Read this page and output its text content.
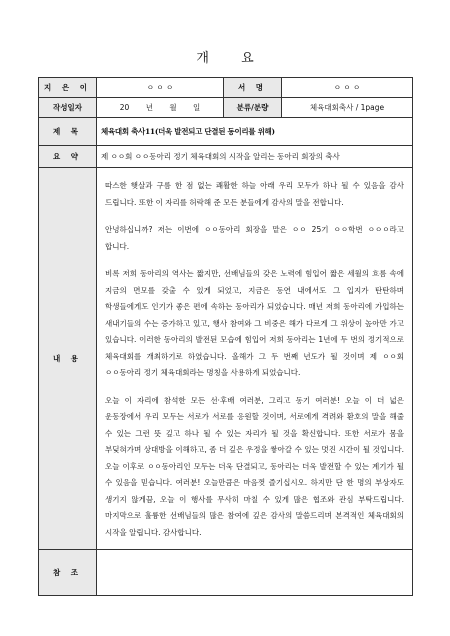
개 요
지 은 이	ㅇ ㅇ ㅇ	서 명	ㅇ ㅇ ㅇ
작성일자	20 년 월 일	분류/분량	체육대회축사 / 1page
제 목	체육대회 축사11(더욱 발전되고 단결된 동이리를 위해)		
요 약	제 ㅇㅇ회 ㅇㅇ동아리 정기 체육대회의 시작을 알리는 동아리 회장의 축사		
내 용	따스한 햇살과 구름 한 점 없는 쾌활한 하늘 아래 우리 모두가 하나 될 수 있음을 감사 드립니다. 또한 이 자리를 허락해 준 모든 분들에게 감사의 말을 전합니다.

안녕하십니까? 저는 이번에 ㅇㅇ동아리 회장을 맡은 ㅇㅇ 25기 ㅇㅇ학번 ㅇㅇㅇ라고 합니다.

비록 저희 동아리의 역사는 짧지만, 선배님들의 갖은 노력에 힘입어 짧은 세월의 흐름 속에 지금의 면모를 갖출 수 있게 되었고, 지금은 동연 내에서도 그 입지가 탄탄하며 학생들에게도 인기가 좋은 편에 속하는 동아리가 되었습니다. 매년 저희 동아리에 가입하는 새내기들의 수는 증가하고 있고, 행사 참여와 그 비중은 해가 다르게 그 위상이 높아만 가고 있습니다. 이러한 동아리의 발전된 모습에 힘입어 저희 동아리는 1년에 두 번의 정기적으로 체육대회를 개최하기로 하였습니다. 올해가 그 두 번째 년도가 될 것이며 제 ㅇㅇ회 ㅇㅇ동아리 정기 체육대회라는 명칭을 사용하게 되었습니다.

오늘 이 자리에 참석한 모든 선·후배 여러분, 그리고 동기 여러분! 오늘 이 더 넓은 운동장에서 우리 모두는 서로가 서로를 응원할 것이며, 서로에게 격려와 환호의 말을 해줄 수 있는 그런 뜻 깊고 하나 될 수 있는 자리가 될 것을 확신합니다. 또한 서로가 몸을 부딪혀가며 상대방을 이해하고, 좀 더 깊은 우정을 쌓아갈 수 있는 멋진 시간이 될 것입니다. 오늘 이후로 ㅇㅇ동아리인 모두는 더욱 단결되고, 동아리는 더욱 발전할 수 있는 계기가 될 수 있음을 믿습니다. 여러분! 오늘만큼은 마음껏 즐기십시오. 하지만 단 한 명의 부상자도 생기지 않게끔, 오늘 이 행사를 무사히 마칠 수 있게 많은 협조와 관심 부탁드립니다. 마지막으로 훌륭한 선배님들의 많은 참여에 깊은 감사의 말씀드리며 본격적인 체육대회의 시작을 알립니다. 감사합니다.		

참 조			
